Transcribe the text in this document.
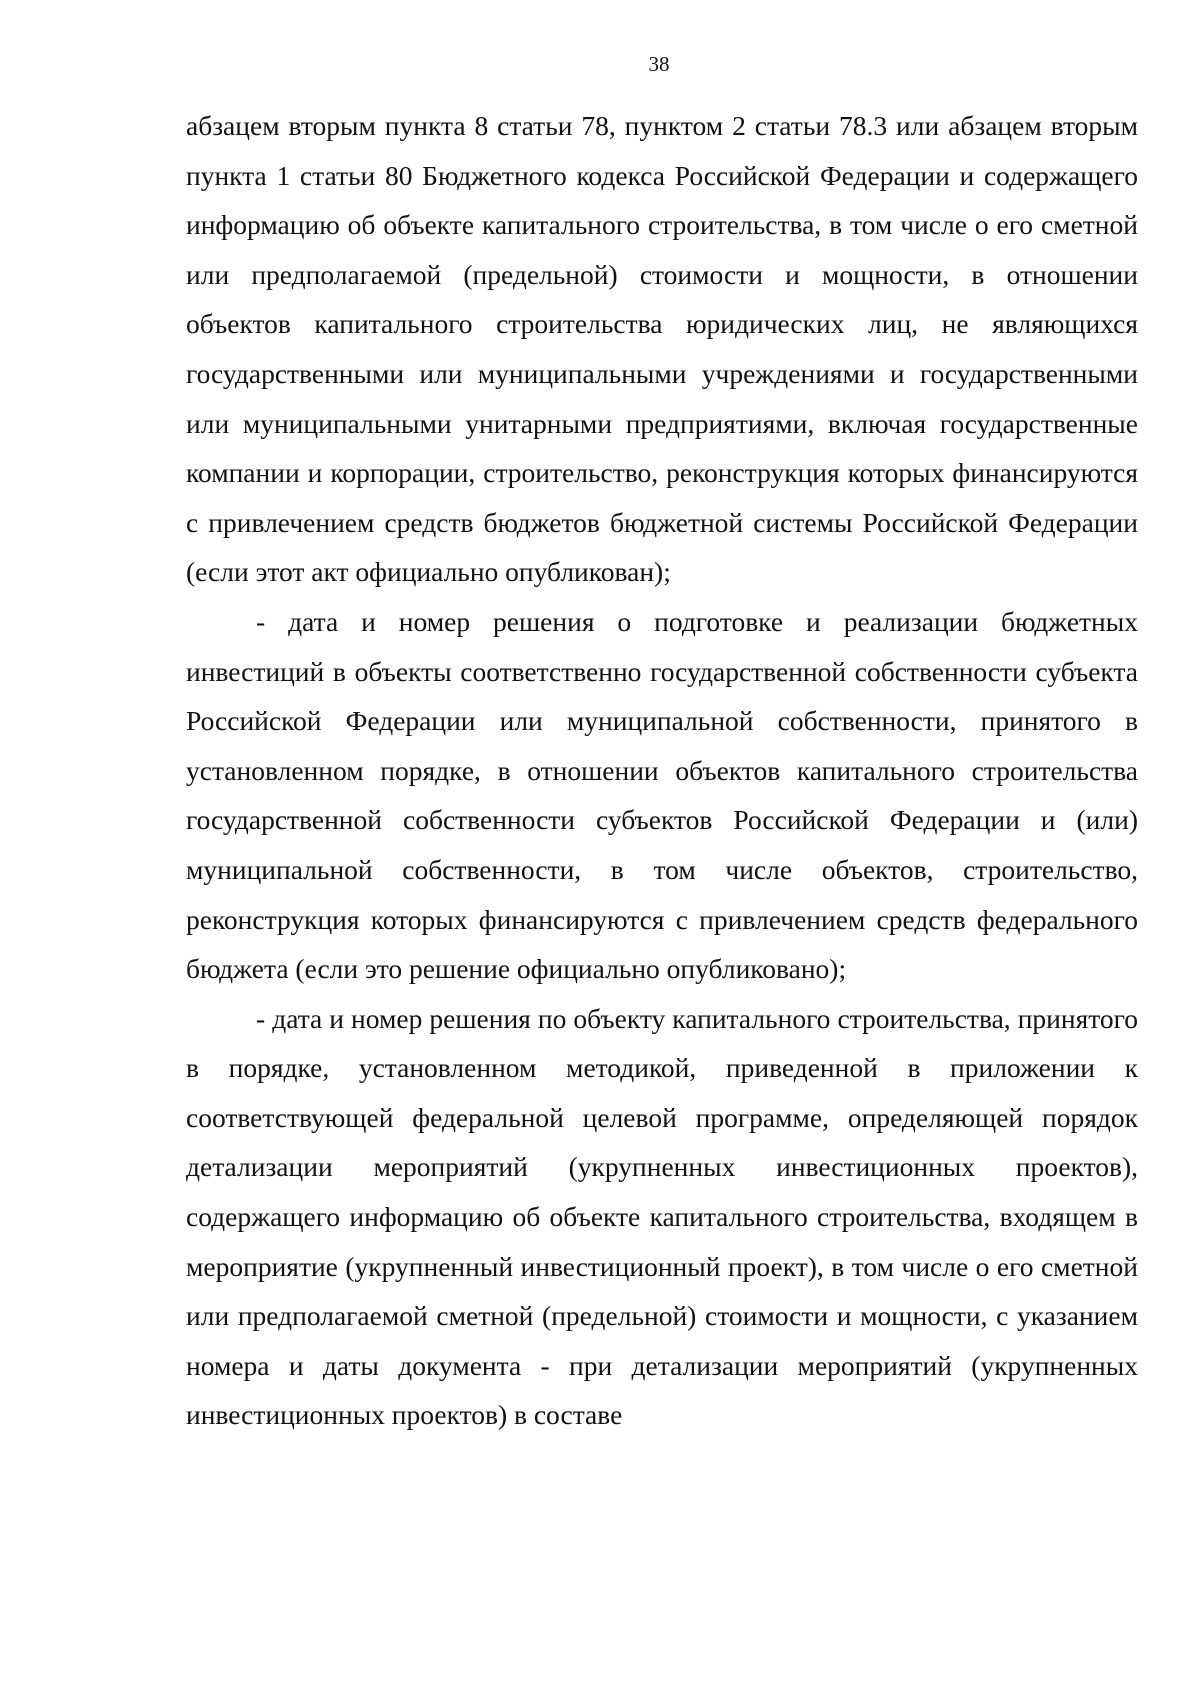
38

абзацем вторым пункта 8 статьи 78, пунктом 2 статьи 78.3 или абзацем вторым пункта 1 статьи 80 Бюджетного кодекса Российской Федерации и содержащего информацию об объекте капитального строительства, в том числе о его сметной или предполагаемой (предельной) стоимости и мощности, в отношении объектов капитального строительства юридических лиц, не являющихся государственными или муниципальными учреждениями и государственными или муниципальными унитарными предприятиями, включая государственные компании и корпорации, строительство, реконструкция которых финансируются с привлечением средств бюджетов бюджетной системы Российской Федерации (если этот акт официально опубликован);

- дата и номер решения о подготовке и реализации бюджетных инвестиций в объекты соответственно государственной собственности субъекта Российской Федерации или муниципальной собственности, принятого в установленном порядке, в отношении объектов капитального строительства государственной собственности субъектов Российской Федерации и (или) муниципальной собственности, в том числе объектов, строительство, реконструкция которых финансируются с привлечением средств федерального бюджета (если это решение официально опубликовано);

- дата и номер решения по объекту капитального строительства, принятого в порядке, установленном методикой, приведенной в приложении к соответствующей федеральной целевой программе, определяющей порядок детализации мероприятий (укрупненных инвестиционных проектов), содержащего информацию об объекте капитального строительства, входящем в мероприятие (укрупненный инвестиционный проект), в том числе о его сметной или предполагаемой сметной (предельной) стоимости и мощности, с указанием номера и даты документа - при детализации мероприятий (укрупненных инвестиционных проектов) в составе
